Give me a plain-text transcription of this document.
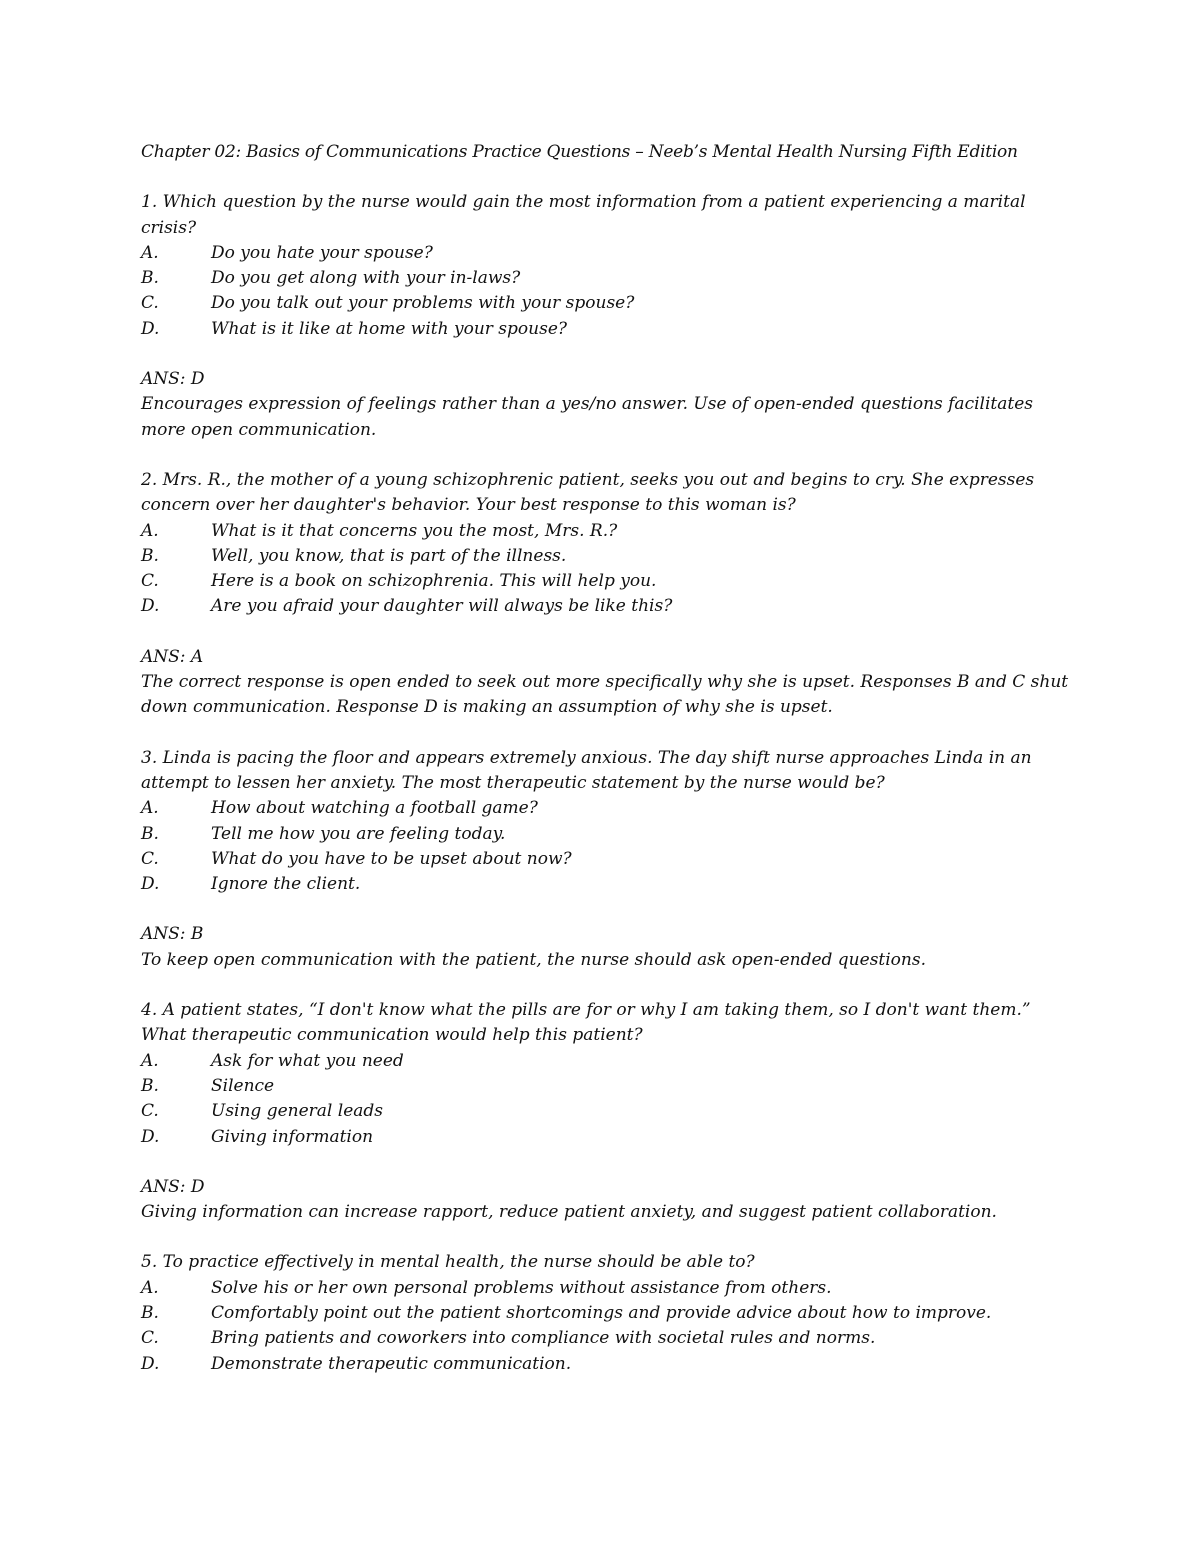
Chapter 02: Basics of Communications Practice Questions – Neeb’s Mental Health Nursing Fifth Edition

1. Which question by the nurse would gain the most information from a patient experiencing a marital crisis?

A.	Do you hate your spouse?
B.	Do you get along with your in-laws?
C.	Do you talk out your problems with your spouse?
D.	What is it like at home with your spouse?

ANS: D

Encourages expression of feelings rather than a yes/no answer. Use of open-ended questions facilitates more open communication.

2. Mrs. R., the mother of a young schizophrenic patient, seeks you out and begins to cry. She expresses concern over her daughter's behavior. Your best response to this woman is?

A.	What is it that concerns you the most, Mrs. R.?
B.	Well, you know, that is part of the illness.
C.	Here is a book on schizophrenia. This will help you.
D.	Are you afraid your daughter will always be like this?

ANS: A

The correct response is open ended to seek out more specifically why she is upset. Responses B and C shut down communication. Response D is making an assumption of why she is upset.

3. Linda is pacing the floor and appears extremely anxious. The day shift nurse approaches Linda in an attempt to lessen her anxiety. The most therapeutic statement by the nurse would be?

A.	How about watching a football game?
B.	Tell me how you are feeling today.
C.	What do you have to be upset about now?
D.	Ignore the client.

ANS: B

To keep open communication with the patient, the nurse should ask open-ended questions.

4. A patient states, “I don't know what the pills are for or why I am taking them, so I don't want them.” What therapeutic communication would help this patient?

A.	Ask for what you need
B.	Silence
C.	Using general leads
D.	Giving information

ANS: D

Giving information can increase rapport, reduce patient anxiety, and suggest patient collaboration.

5. To practice effectively in mental health, the nurse should be able to?

A.	Solve his or her own personal problems without assistance from others.
B.	Comfortably point out the patient shortcomings and provide advice about how to improve.
C.	Bring patients and coworkers into compliance with societal rules and norms.
D.	Demonstrate therapeutic communication.
